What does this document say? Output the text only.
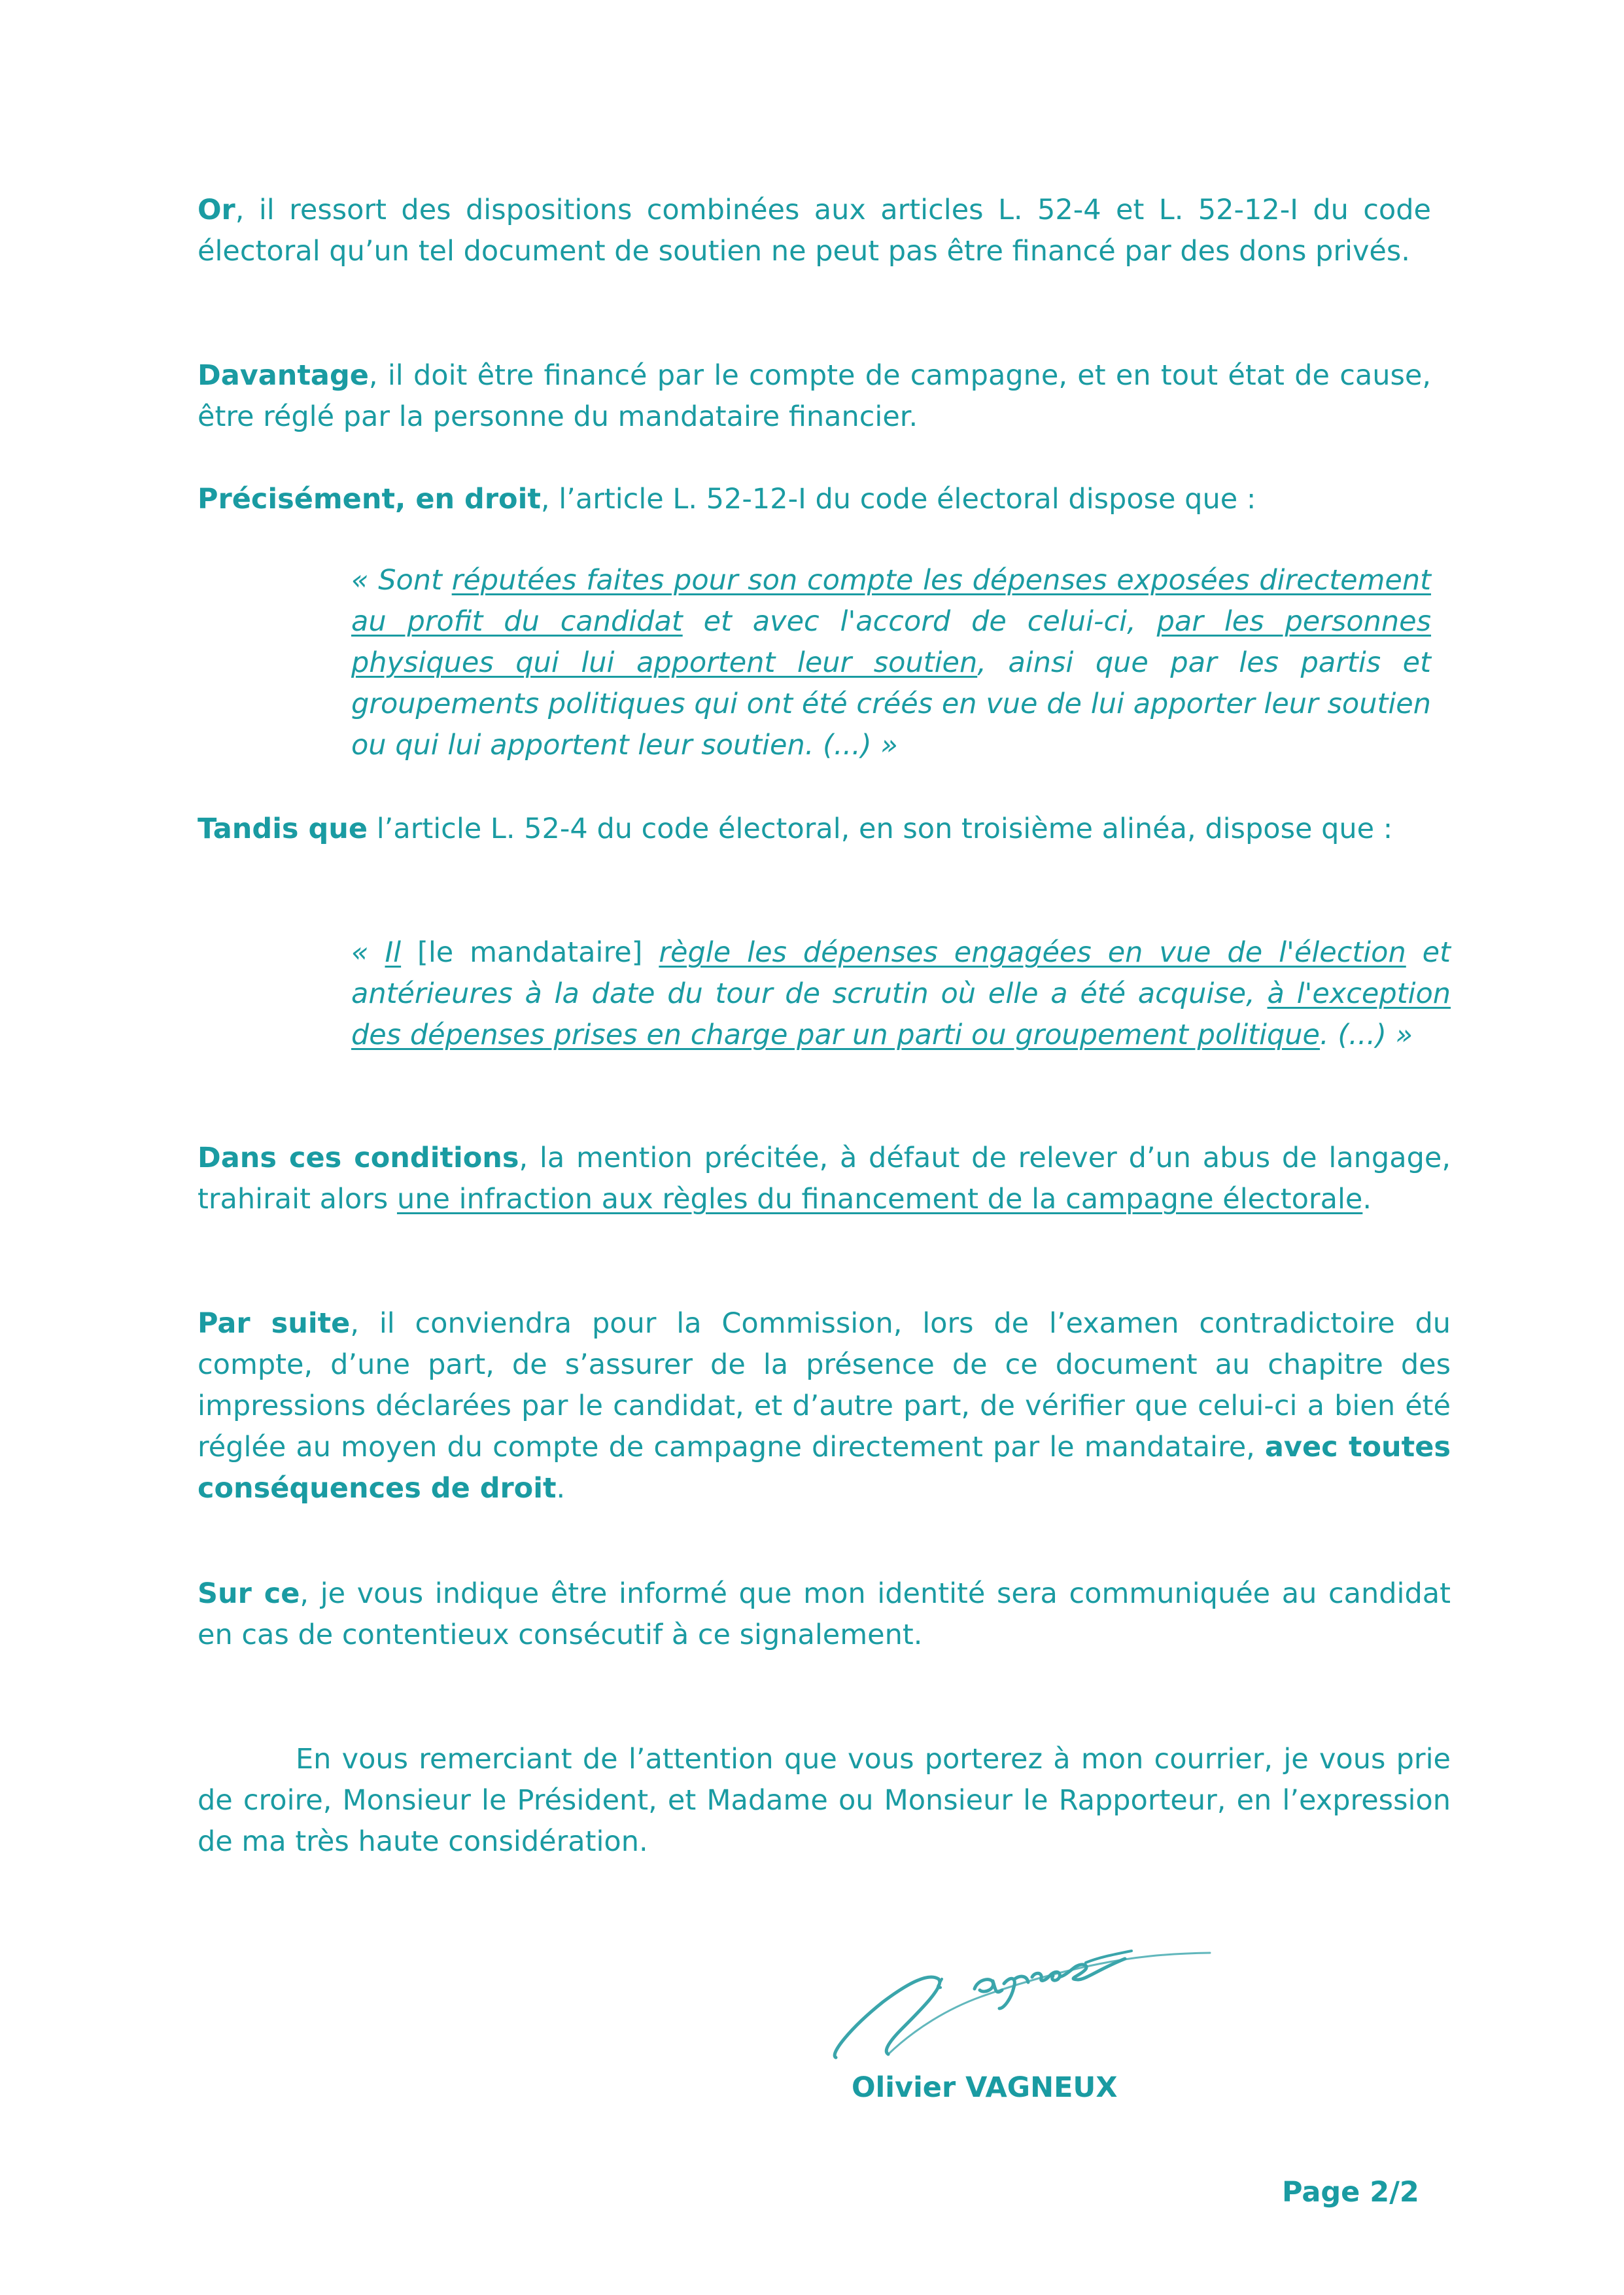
Or, il ressort des dispositions combinées aux articles L. 52-4 et L. 52-12-I du code électoral qu’un tel document de soutien ne peut pas être financé par des dons privés.

Davantage, il doit être financé par le compte de campagne, et en tout état de cause, être réglé par la personne du mandataire financier.

Précisément, en droit, l’article L. 52-12-I du code électoral dispose que :

« Sont réputées faites pour son compte les dépenses exposées directement au profit du candidat et avec l'accord de celui-ci, par les personnes physiques qui lui apportent leur soutien, ainsi que par les partis et groupements politiques qui ont été créés en vue de lui apporter leur soutien ou qui lui apportent leur soutien. (...) »

Tandis que l’article L. 52-4 du code électoral, en son troisième alinéa, dispose que :

« Il [le mandataire] règle les dépenses engagées en vue de l'élection et antérieures à la date du tour de scrutin où elle a été acquise, à l'exception des dépenses prises en charge par un parti ou groupement politique. (...) »

Dans ces conditions, la mention précitée, à défaut de relever d’un abus de langage, trahirait alors une infraction aux règles du financement de la campagne électorale.

Par suite, il conviendra pour la Commission, lors de l’examen contradictoire du compte, d’une part, de s’assurer de la présence de ce document au chapitre des impressions déclarées par le candidat, et d’autre part, de vérifier que celui-ci a bien été réglée au moyen du compte de campagne directement par le mandataire, avec toutes conséquences de droit.

Sur ce, je vous indique être informé que mon identité sera communiquée au candidat en cas de contentieux consécutif à ce signalement.

En vous remerciant de l’attention que vous porterez à mon courrier, je vous prie de croire, Monsieur le Président, et Madame ou Monsieur le Rapporteur, en l’expression de ma très haute considération.

Olivier VAGNEUX
Page 2/2
